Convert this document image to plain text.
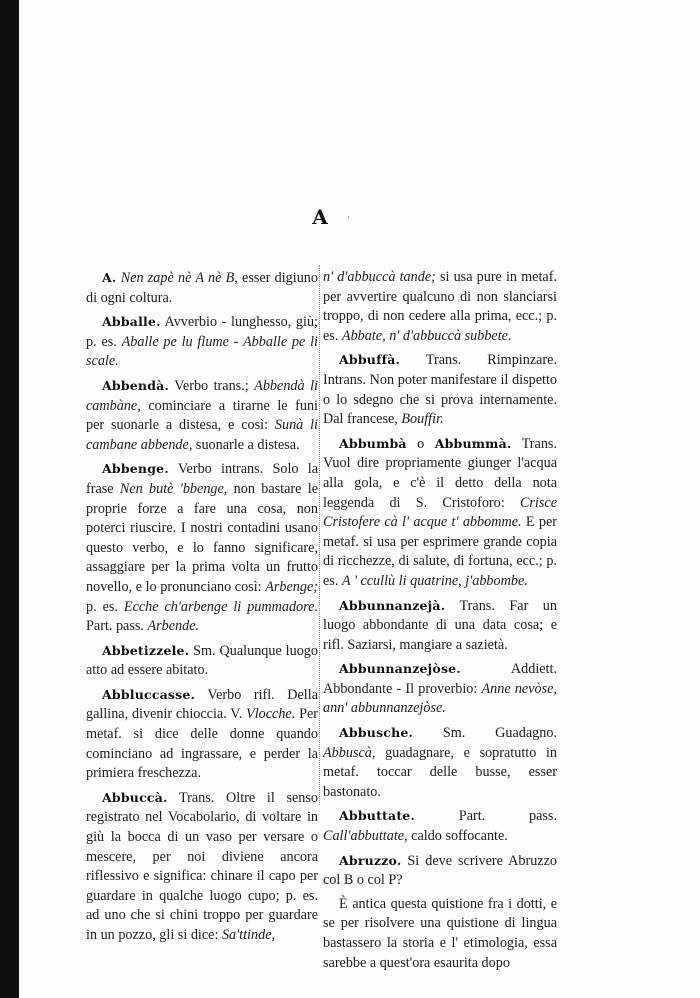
A	·

A. Nen zapè nè A nè B, esser digiuno di ogni coltura.

Abballe. Avverbio - lunghesso, giù; p. es. Aballe pe lu flume - Abballe pe li scale.

Abbendà. Verbo trans.; Abbendà li cambàne, cominciare a tirarne le funi per suonarle a distesa, e così: Sunà li cambane abbende, suonarle a distesa.

Abbenge. Verbo intrans. Solo la frase Nen butè 'bbenge, non bastare le proprie forze a fare una cosa, non poterci riuscire. I nostri contadini usano questo verbo, e lo fanno significare, assaggiare per la prima volta un frutto novello, e lo pronunciano così: Arbenge; p. es. Ecche ch'arbenge li pummadore. Part. pass. Arbende.

Abbetizzele. Sm. Qualunque luogo atto ad essere abitato.

Abbluccasse. Verbo rifl. Della gallina, divenir chioccia. V. Vlocche. Per metaf. si dice delle donne quando cominciano ad ingrassare, e perder la primiera freschezza.

Abbuccà. Trans. Oltre il senso registrato nel Vocabolario, di voltare in giù la bocca di un vaso per versare o mescere, per noi diviene ancora riflessivo e significa: chinare il capo per guardare in qualche luogo cupo; p. es. ad uno che si chini troppo per guardare in un pozzo, gli si dice: Sa'ttinde,

n' d'abbuccà tande; si usa pure in metaf. per avvertire qualcuno di non slanciarsi troppo, di non cedere alla prima, ecc.; p. es. Abbate, n' d'abbuccà subbete.

Abbuffà. Trans. Rimpinzare. Intrans. Non poter manifestare il dispetto o lo sdegno che si prova internamente. Dal francese, Bouffir.

Abbumbà o Abbummà. Trans. Vuol dire propriamente giunger l'acqua alla gola, e c'è il detto della nota leggenda di S. Cristoforo: Crisce Cristofere cà l' acque t' abbomme. E per metaf. si usa per esprimere grande copia di ricchezze, di salute, di fortuna, ecc.; p. es. A ' ccullù li quatrine, j'abbombe.

Abbunnanzejà. Trans. Far un luogo abbondante di una data cosa; e rifl. Saziarsi, mangiare a sazietà.

Abbunnanzejòse. Addiett. Abbondante - Il proverbio: Anne nevòse, ann' abbunnanzejòse.

Abbusche. Sm. Guadagno. Abbuscà, guadagnare, e sopratutto in metaf. toccar delle busse, esser bastonato.

Abbuttate. Part. pass. Call'abbuttate, caldo soffocante.

Abruzzo. Si deve scrivere Abruzzo col B o col P?

È antica questa quistione fra i dotti, e se per risolvere una quistione di lingua bastassero la storia e l' etimologia, essa sarebbe a quest'ora esaurita dopo
